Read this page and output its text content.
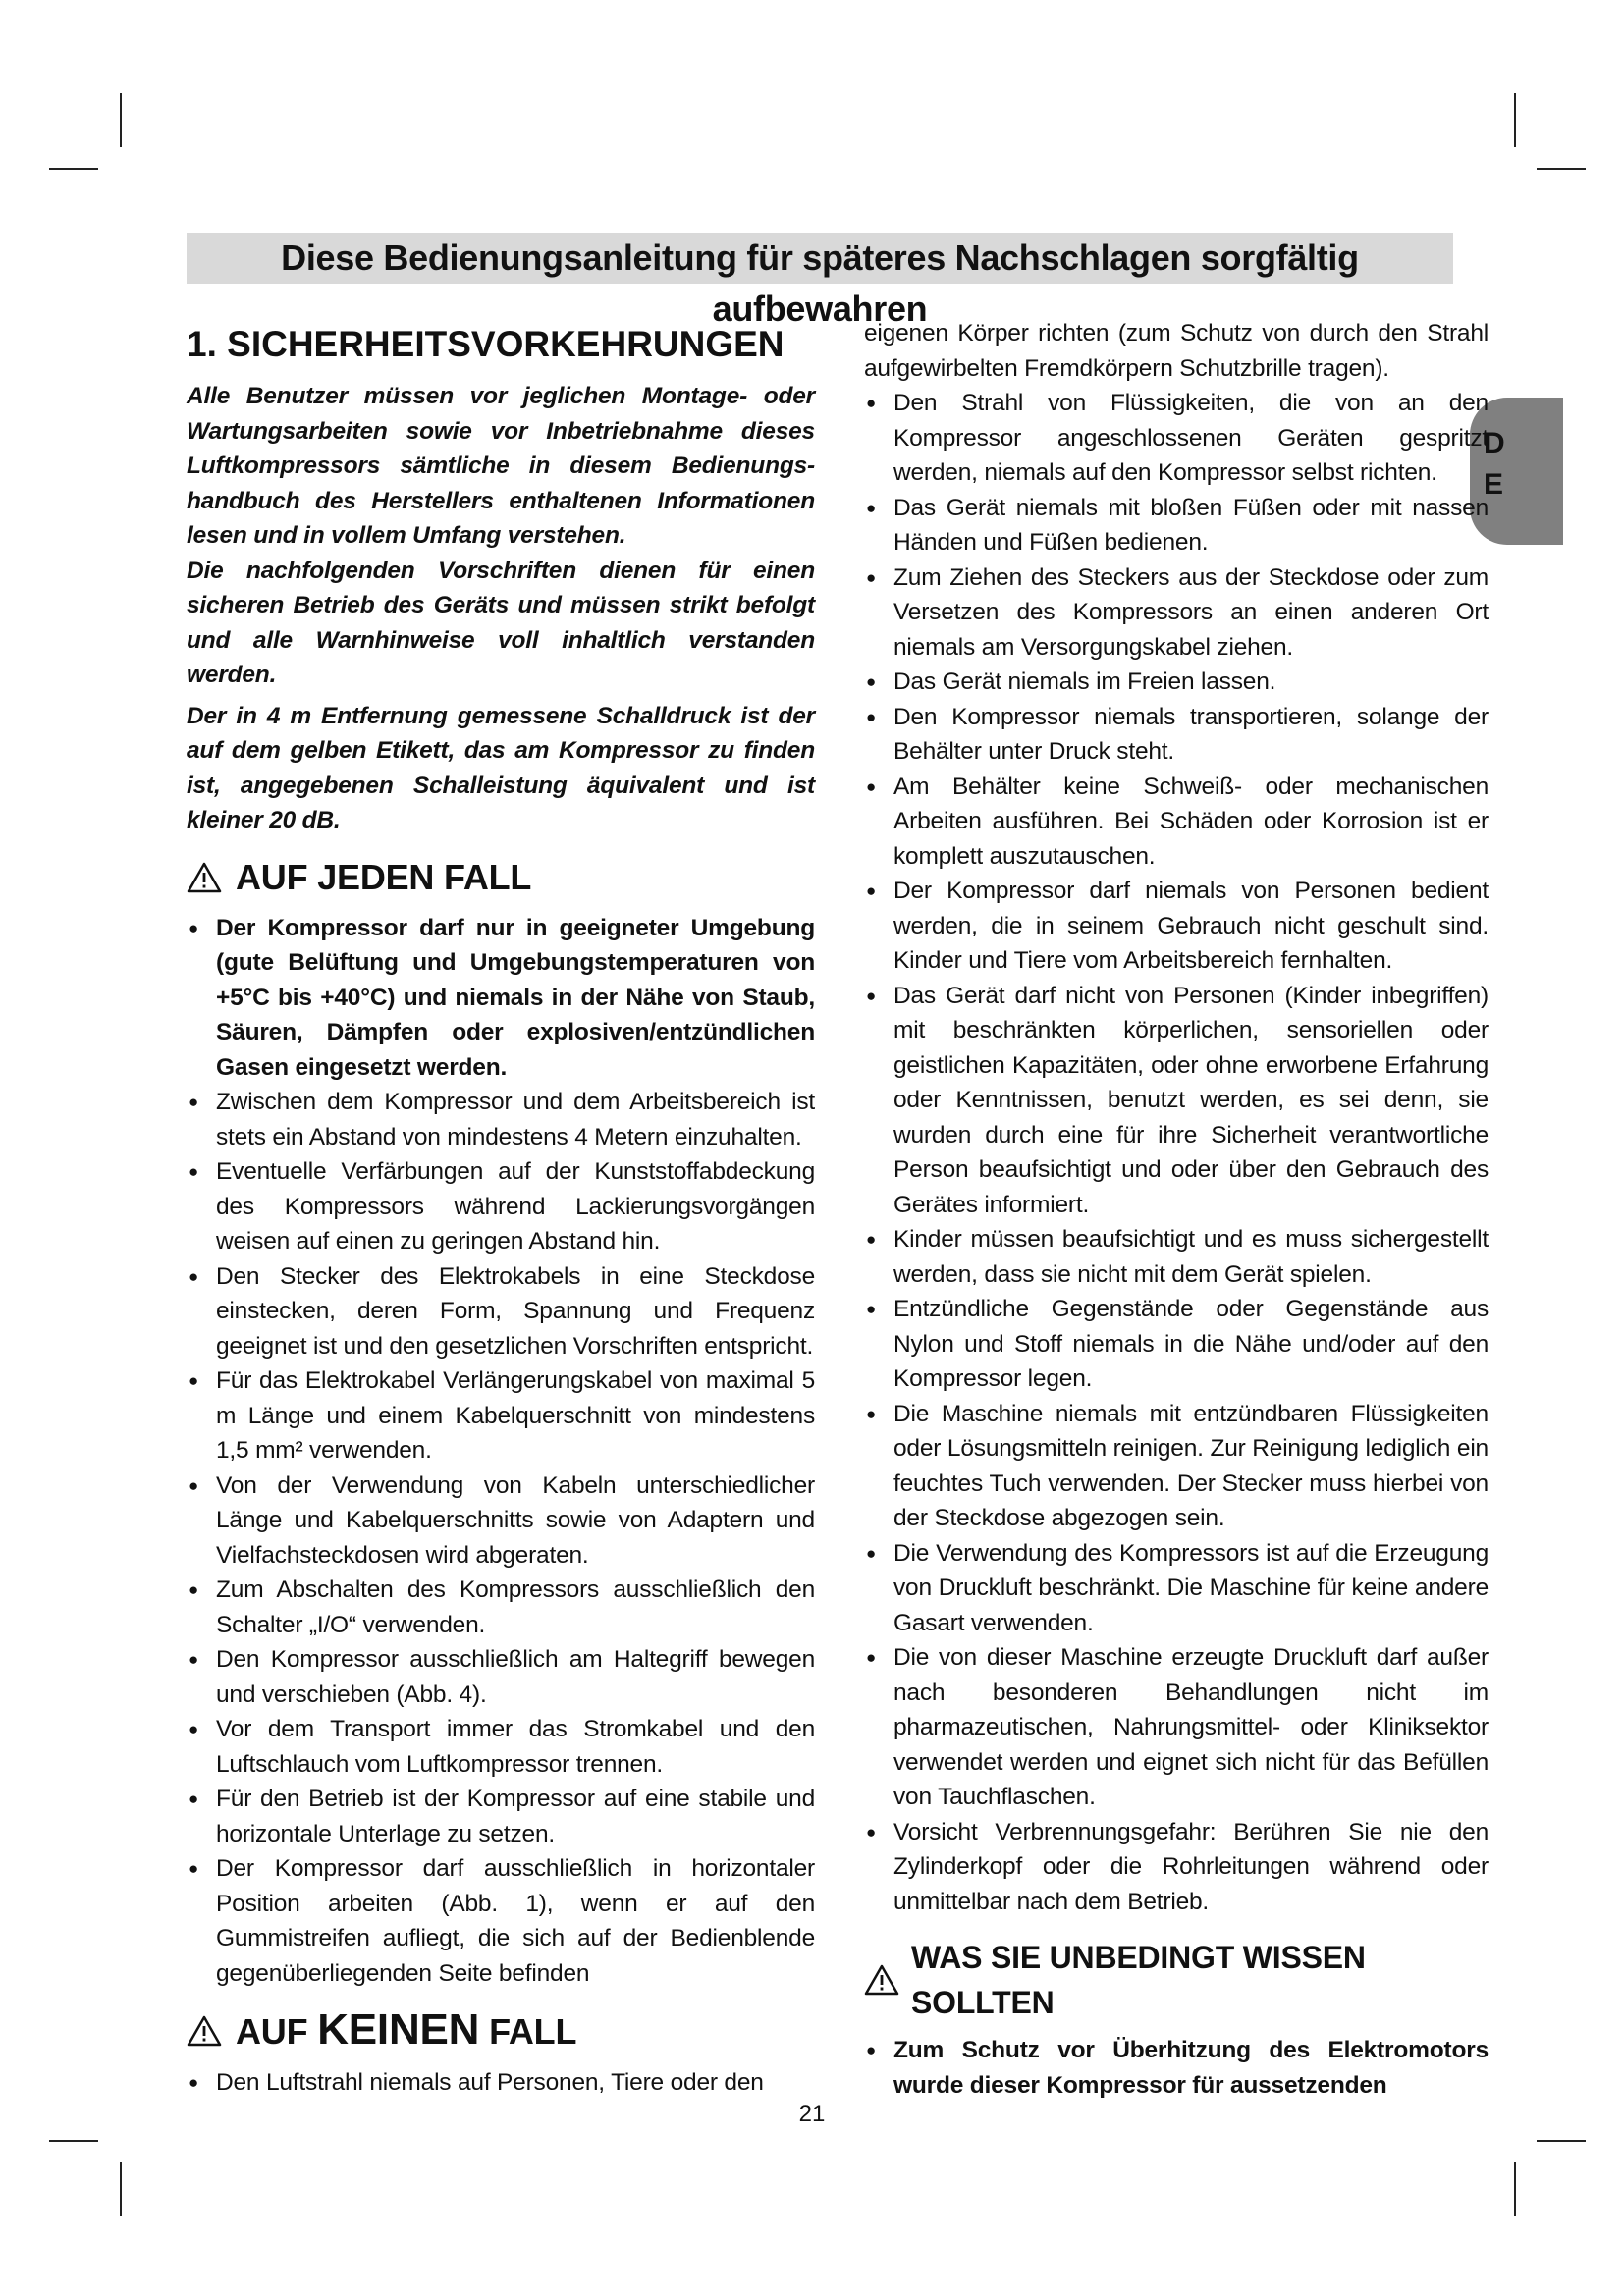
Diese Bedienungsanleitung für späteres Nachschlagen sorgfältig aufbewahren
D
E

1. SICHERHEITSVORKEHRUNGEN

Alle Benutzer müssen vor jeglichen Montage- oder Wartungsarbeiten sowie vor Inbetriebnahme dieses Luftkompressors sämtliche in diesem Bedienungs-handbuch des Herstellers enthaltenen Informationen lesen und in vollem Umfang verstehen.

Die nachfolgenden Vorschriften dienen für einen sicheren Betrieb des Geräts und müssen strikt befolgt und alle Warnhinweise voll inhaltlich verstanden werden.

Der in 4 m Entfernung gemessene Schalldruck ist der auf dem gelben Etikett, das am Kompressor zu finden ist, angegebenen Schalleistung äquivalent und ist kleiner 20 dB.

AUF JEDEN FALL

● Der Kompressor darf nur in geeigneter Umgebung (gute Belüftung und Umgebungstemperaturen von +5°C bis +40°C) und niemals in der Nähe von Staub, Säuren, Dämpfen oder explosiven/entzündlichen Gasen eingesetzt werden.
● Zwischen dem Kompressor und dem Arbeitsbereich ist stets ein Abstand von mindestens 4 Metern einzuhalten.
● Eventuelle Verfärbungen auf der Kunststoffabdeckung des Kompressors während Lackierungsvorgängen weisen auf einen zu geringen Abstand hin.
● Den Stecker des Elektrokabels in eine Steckdose einstecken, deren Form, Spannung und Frequenz geeignet ist und den gesetzlichen Vorschriften entspricht.
● Für das Elektrokabel Verlängerungskabel von maximal 5 m Länge und einem Kabelquerschnitt von mindestens 1,5 mm² verwenden.
● Von der Verwendung von Kabeln unterschiedlicher Länge und Kabelquerschnitts sowie von Adaptern und Vielfachsteckdosen wird abgeraten.
● Zum Abschalten des Kompressors ausschließlich den Schalter „I/O“ verwenden.
● Den Kompressor ausschließlich am Haltegriff bewegen und verschieben (Abb. 4).
● Vor dem Transport immer das Stromkabel und den Luftschlauch vom Luftkompressor trennen.
● Für den Betrieb ist der Kompressor auf eine stabile und horizontale Unterlage zu setzen.
● Der Kompressor darf ausschließlich in horizontaler Position arbeiten (Abb. 1), wenn er auf den Gummistreifen aufliegt, die sich auf der Bedienblende gegenüberliegenden Seite befinden

AUF KEINEN FALL

● Den Luftstrahl niemals auf Personen, Tiere oder den

eigenen Körper richten (zum Schutz von durch den Strahl aufgewirbelten Fremdkörpern Schutzbrille tragen).

● Den Strahl von Flüssigkeiten, die von an den Kompressor angeschlossenen Geräten gespritzt werden, niemals auf den Kompressor selbst richten.
● Das Gerät niemals mit bloßen Füßen oder mit nassen Händen und Füßen bedienen.
● Zum Ziehen des Steckers aus der Steckdose oder zum Versetzen des Kompressors an einen anderen Ort niemals am Versorgungskabel ziehen.
● Das Gerät niemals im Freien lassen.
● Den Kompressor niemals transportieren, solange der Behälter unter Druck steht.
● Am Behälter keine Schweiß- oder mechanischen Arbeiten ausführen. Bei Schäden oder Korrosion ist er komplett auszutauschen.
● Der Kompressor darf niemals von Personen bedient werden, die in seinem Gebrauch nicht geschult sind. Kinder und Tiere vom Arbeitsbereich fernhalten.
● Das Gerät darf nicht von Personen (Kinder inbegriffen) mit beschränkten körperlichen, sensoriellen oder geistlichen Kapazitäten, oder ohne erworbene Erfahrung oder Kenntnissen, benutzt werden, es sei denn, sie wurden durch eine für ihre Sicherheit verantwortliche Person beaufsichtigt und oder über den Gebrauch des Gerätes informiert.
● Kinder müssen beaufsichtigt und es muss sichergestellt werden, dass sie nicht mit dem Gerät spielen.
● Entzündliche Gegenstände oder Gegenstände aus Nylon und Stoff niemals in die Nähe und/oder auf den Kompressor legen.
● Die Maschine niemals mit entzündbaren Flüssigkeiten oder Lösungsmitteln reinigen. Zur Reinigung lediglich ein feuchtes Tuch verwenden. Der Stecker muss hierbei von der Steckdose abgezogen sein.
● Die Verwendung des Kompressors ist auf die Erzeugung von Druckluft beschränkt. Die Maschine für keine andere Gasart verwenden.
● Die von dieser Maschine erzeugte Druckluft darf außer nach besonderen Behandlungen nicht im pharmazeutischen, Nahrungsmittel- oder Kliniksektor verwendet werden und eignet sich nicht für das Befüllen von Tauchflaschen.
● Vorsicht Verbrennungsgefahr: Berühren Sie nie den Zylinderkopf oder die Rohrleitungen während oder unmittelbar nach dem Betrieb.

WAS SIE UNBEDINGT WISSEN SOLLTEN

● Zum Schutz vor Überhitzung des Elektromotors wurde dieser Kompressor für aussetzenden
21
